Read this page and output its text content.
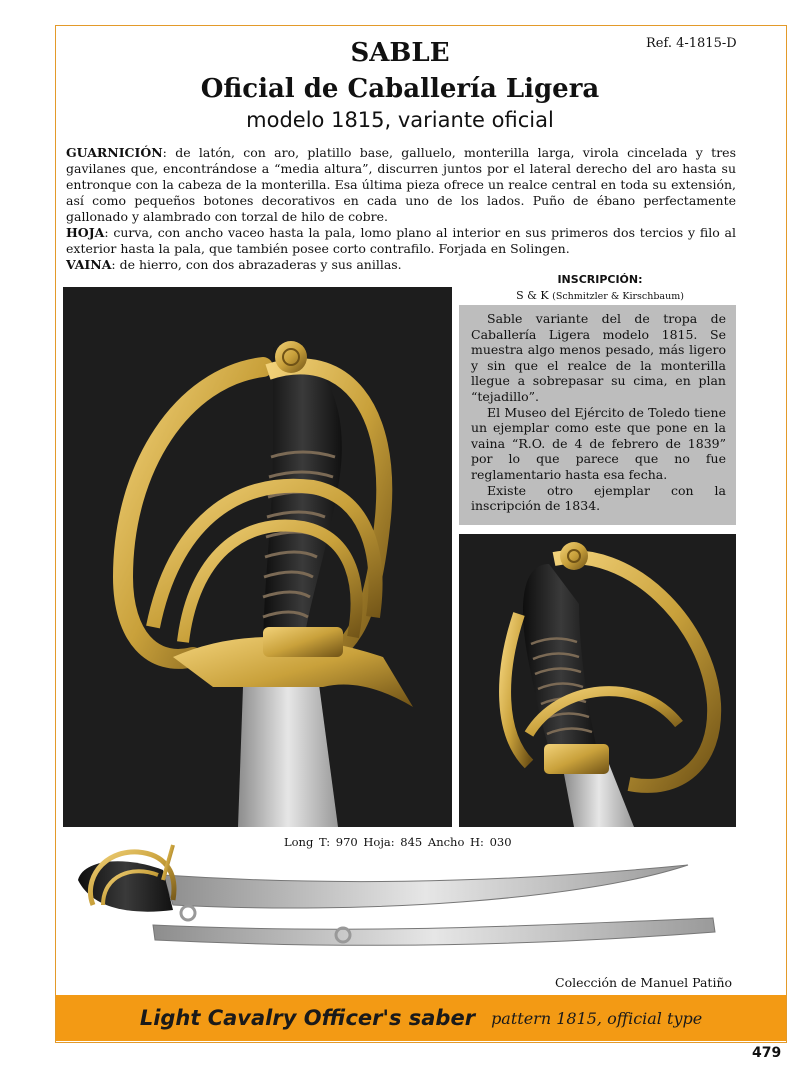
Ref. 4-1815-D
SABLE
Oficial de Caballería Ligera
modelo 1815, variante oficial

GUARNICIÓN: de latón, con aro, platillo base, galluelo, monterilla larga, virola cincelada y tres gavilanes que, encontrándose a “media altura”, discurren juntos por el lateral derecho del aro hasta su entronque con la cabeza de la monterilla. Esa última pieza ofrece un realce central en toda su extensión, así como pequeños botones decorativos en cada uno de los lados. Puño de ébano perfectamente gallonado y alambrado con torzal de hilo de cobre.

HOJA: curva, con ancho vaceo hasta la pala, lomo plano al interior en sus primeros dos tercios y filo al exterior hasta la pala, que también posee corto contrafilo. Forjada en Solingen.

VAINA: de hierro, con dos abrazaderas y sus anillas.

INSCRIPCIÓN:
S & K (Schmitzler & Kirschbaum)

Sable variante del de tropa de Caballería Ligera modelo 1815. Se muestra algo menos pesado, más ligero y sin que el realce de la monterilla llegue a sobrepasar su cima, en plan “tejadillo”.

El Museo del Ejército de Toledo tiene un ejemplar como este que pone en la vaina “R.O. de 4 de febrero de 1839” por lo que parece que no fue reglamentario hasta esa fecha.

Existe otro ejemplar con la inscripción de 1834.

Long T: 970 Hoja: 845 Ancho H: 030
Colección de Manuel Patiño
Light Cavalry Officer's saber pattern 1815, official type
479
